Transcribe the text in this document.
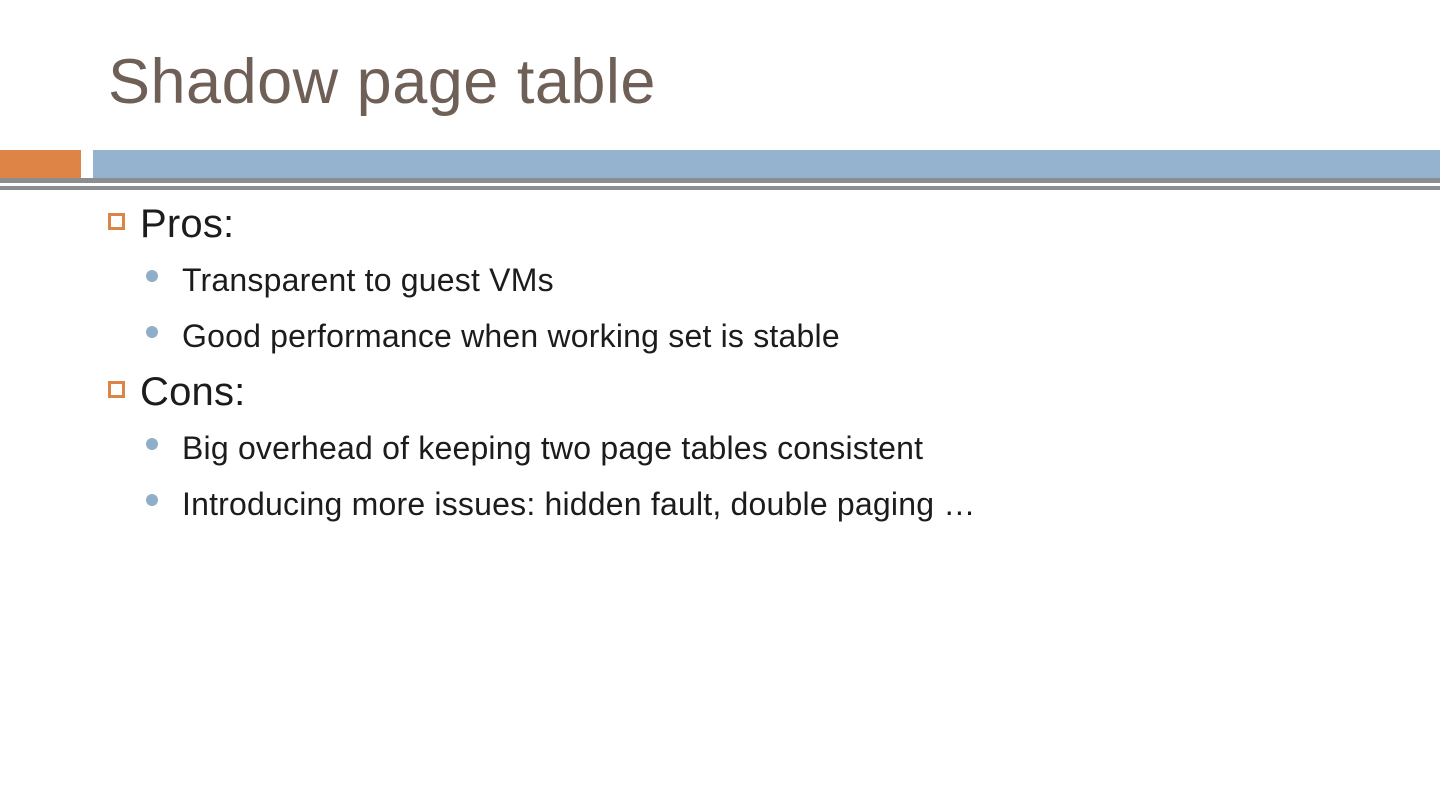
Shadow page table
Pros:
Transparent to guest VMs
Good performance when working set is stable
Cons:
Big overhead of keeping two page tables consistent
Introducing more issues: hidden fault, double paging …
